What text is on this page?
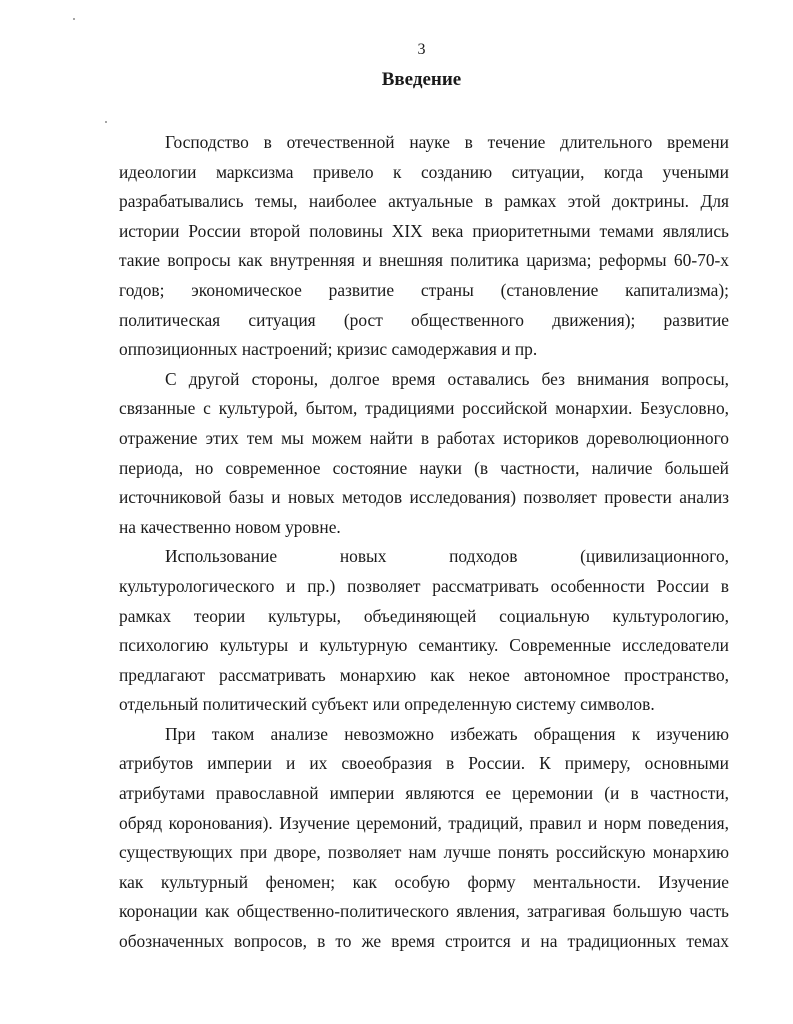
3
Введение
Господство в отечественной науке в течение длительного времени
идеологии марксизма привело к созданию ситуации, когда учеными
разрабатывались темы, наиболее актуальные в рамках этой доктрины. Для
истории России второй половины XIX века приоритетными темами являлись
такие вопросы как внутренняя и внешняя политика царизма; реформы 60-70-х
годов; экономическое развитие страны (становление капитализма);
политическая ситуация (рост общественного движения); развитие
оппозиционных настроений; кризис самодержавия и пр.
С другой стороны, долгое время оставались без внимания вопросы,
связанные с культурой, бытом, традициями российской монархии. Безусловно,
отражение этих тем мы можем найти в работах историков дореволюционного
периода, но современное состояние науки (в частности, наличие большей
источниковой базы и новых методов исследования) позволяет провести анализ
на качественно новом уровне.
Использование новых подходов (цивилизационного,
культурологического и пр.) позволяет рассматривать особенности России в
рамках теории культуры, объединяющей социальную культурологию,
психологию культуры и культурную семантику. Современные исследователи
предлагают рассматривать монархию как некое автономное пространство,
отдельный политический субъект или определенную систему символов.
При таком анализе невозможно избежать обращения к изучению
атрибутов империи и их своеобразия в России. К примеру, основными
атрибутами православной империи являются ее церемонии (и в частности,
обряд коронования). Изучение церемоний, традиций, правил и норм поведения,
существующих при дворе, позволяет нам лучше понять российскую монархию
как культурный феномен; как особую форму ментальности. Изучение
коронации как общественно-политического явления, затрагивая большую часть
обозначенных вопросов, в то же время строится и на традиционных темах
